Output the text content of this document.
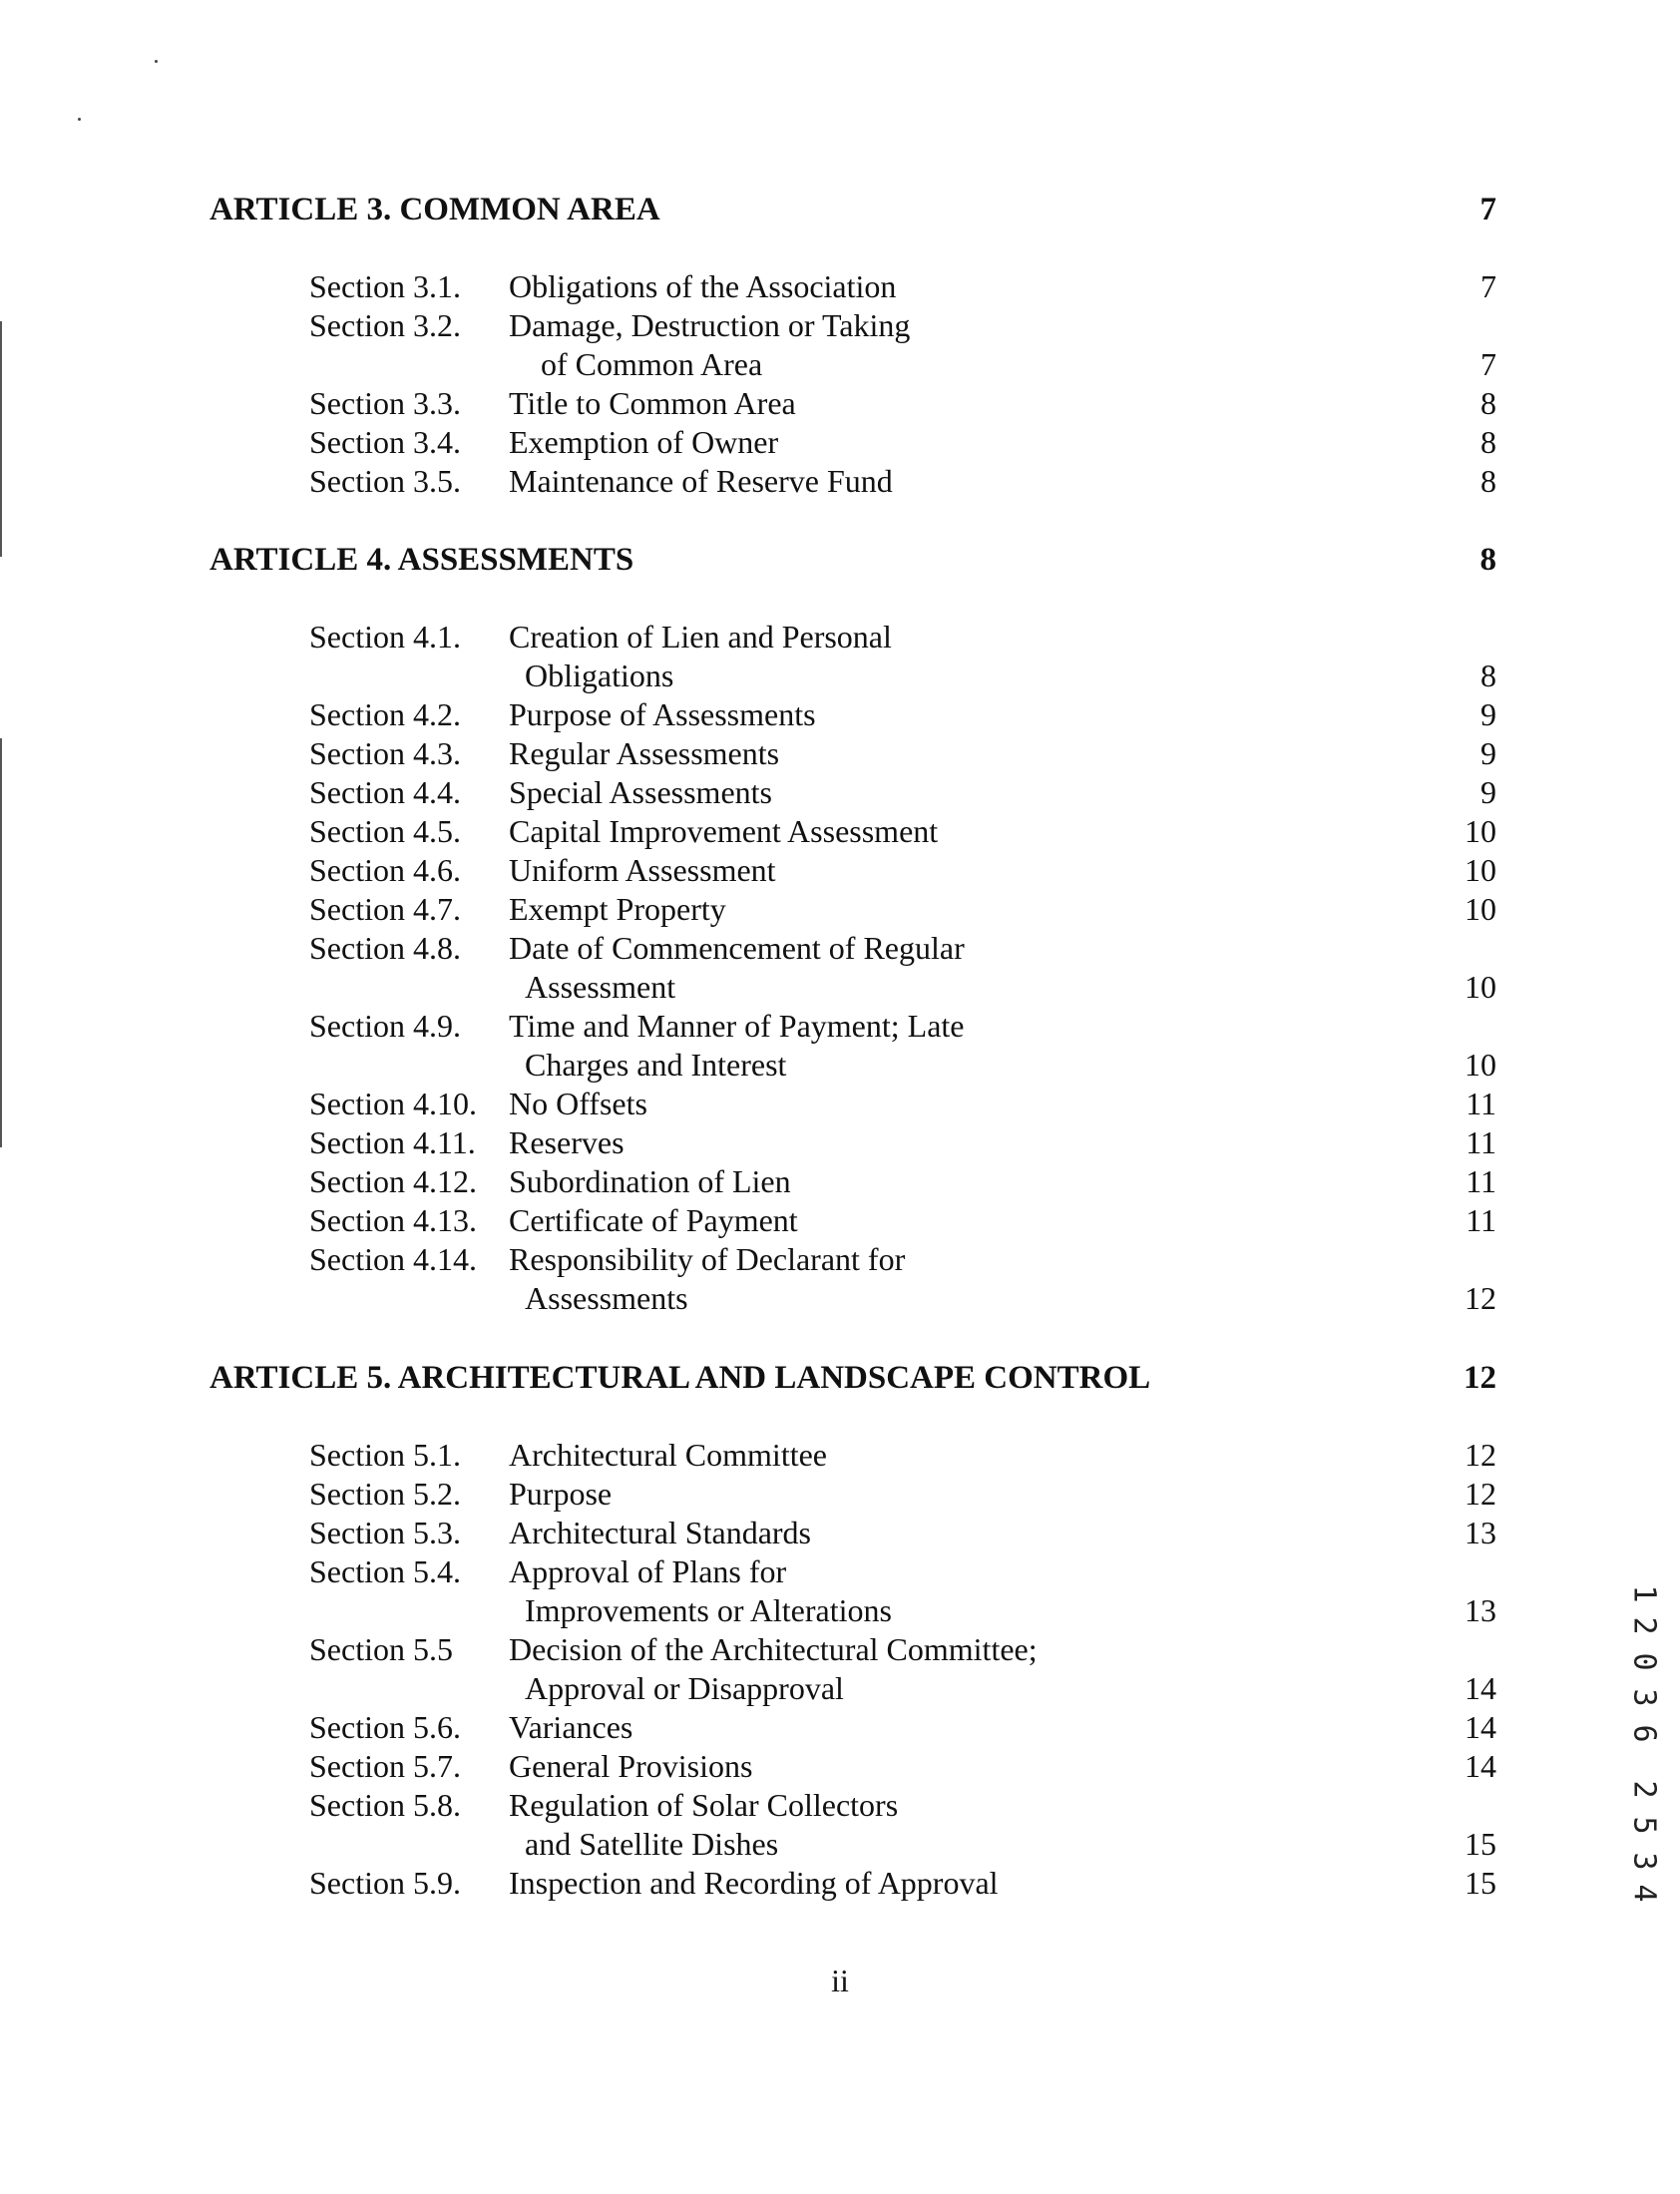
ARTICLE 3. COMMON AREA	7
Section 3.1. Obligations of the Association	7
Section 3.2. Damage, Destruction or Taking
of Common Area	7
Section 3.3. Title to Common Area	8
Section 3.4. Exemption of Owner	8
Section 3.5. Maintenance of Reserve Fund	8
ARTICLE 4. ASSESSMENTS	8
Section 4.1. Creation of Lien and Personal
Obligations	8
Section 4.2. Purpose of Assessments	9
Section 4.3. Regular Assessments	9
Section 4.4. Special Assessments	9
Section 4.5. Capital Improvement Assessment	10
Section 4.6. Uniform Assessment	10
Section 4.7. Exempt Property	10
Section 4.8. Date of Commencement of Regular
Assessment	10
Section 4.9. Time and Manner of Payment; Late
Charges and Interest	10
Section 4.10. No Offsets	11
Section 4.11. Reserves	11
Section 4.12. Subordination of Lien	11
Section 4.13. Certificate of Payment	11
Section 4.14. Responsibility of Declarant for
Assessments	12
ARTICLE 5. ARCHITECTURAL AND LANDSCAPE CONTROL	12
Section 5.1. Architectural Committee	12
Section 5.2. Purpose	12
Section 5.3. Architectural Standards	13
Section 5.4. Approval of Plans for
Improvements or Alterations	13
Section 5.5 Decision of the Architectural Committee;
Approval or Disapproval	14
Section 5.6. Variances	14
Section 5.7. General Provisions	14
Section 5.8. Regulation of Solar Collectors
and Satellite Dishes	15
Section 5.9. Inspection and Recording of Approval	15
ii
1
2
0
3
6
2
5
3
4
